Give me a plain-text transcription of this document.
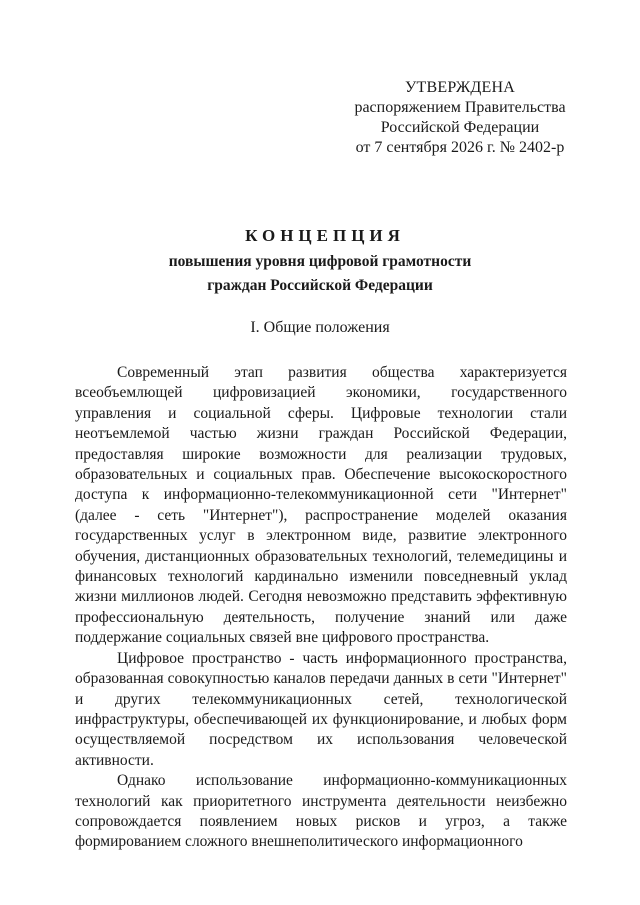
УТВЕРЖДЕНА
распоряжением Правительства
Российской Федерации
от 7 сентября 2026 г. № 2402-р
КОНЦЕПЦИЯ
повышения уровня цифровой грамотности
граждан Российской Федерации
I. Общие положения

Современный этап развития общества характеризуется всеобъемлющей цифровизацией экономики, государственного управления и социальной сферы. Цифровые технологии стали неотъемлемой частью жизни граждан Российской Федерации, предоставляя широкие возможности для реализации трудовых, образовательных и социальных прав. Обеспечение высокоскоростного доступа к информационно-телекоммуникационной сети "Интернет" (далее - сеть "Интернет"), распространение моделей оказания государственных услуг в электронном виде, развитие электронного обучения, дистанционных образовательных технологий, телемедицины и финансовых технологий кардинально изменили повседневный уклад жизни миллионов людей. Сегодня невозможно представить эффективную профессиональную деятельность, получение знаний или даже поддержание социальных связей вне цифрового пространства.

Цифровое пространство - часть информационного пространства, образованная совокупностью каналов передачи данных в сети "Интернет" и других телекоммуникационных сетей, технологической инфраструктуры, обеспечивающей их функционирование, и любых форм осуществляемой посредством их использования человеческой активности.

Однако использование информационно-коммуникационных технологий как приоритетного инструмента деятельности неизбежно сопровождается появлением новых рисков и угроз, а также формированием сложного внешнеполитического информационного
